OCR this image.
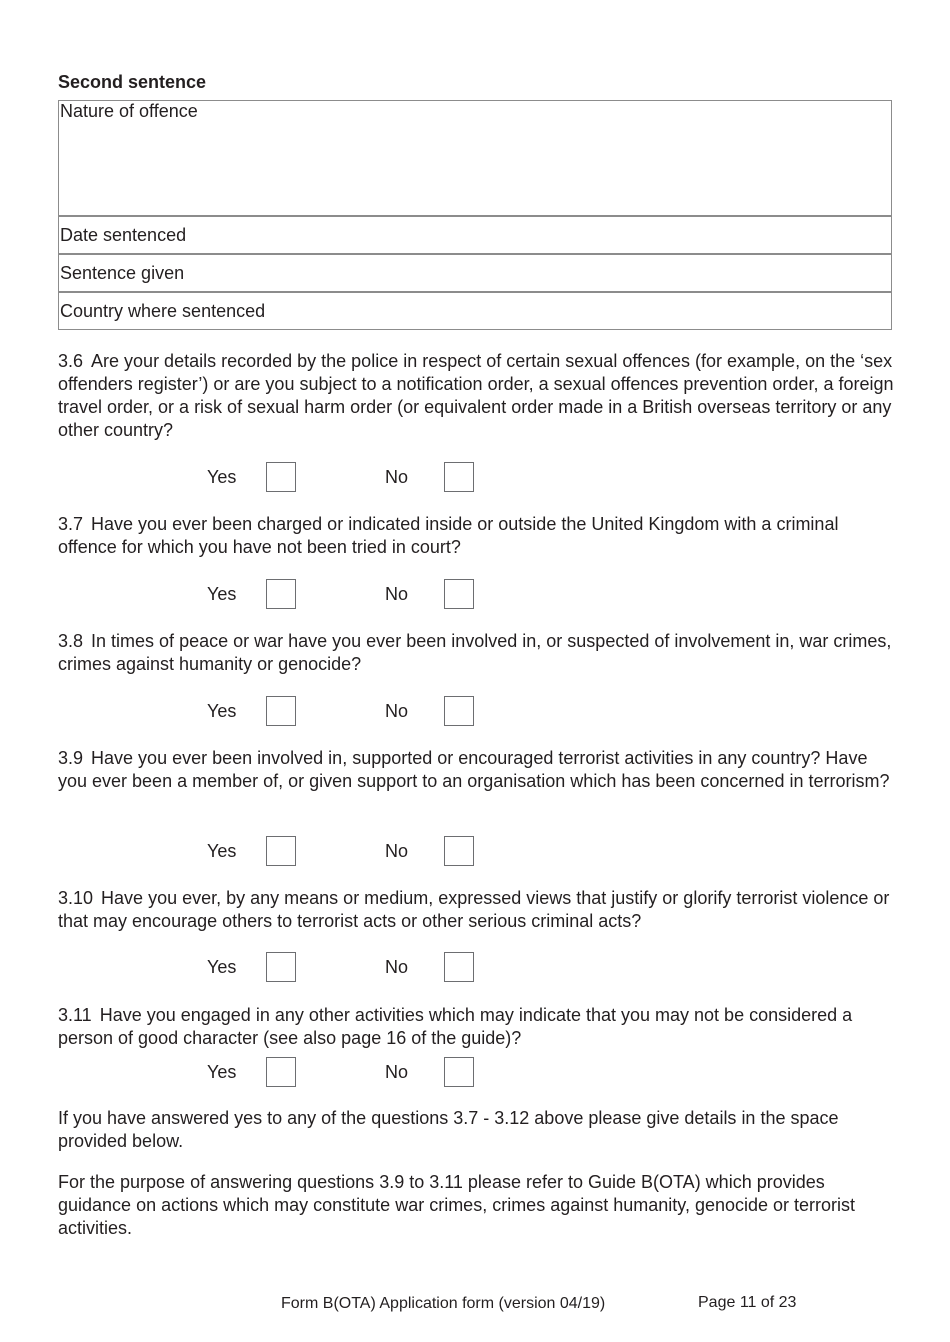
Second sentence
Nature of offence
Date sentenced
Sentence given
Country where sentenced
3.6 Are your details recorded by the police in respect of certain sexual offences (for example, on the ‘sex offenders register’) or are you subject to a notification order, a sexual offences prevention order, a foreign travel order, or a risk of sexual harm order (or equivalent order made in a British overseas territory or any other country?
Yes	No
3.7 Have you ever been charged or indicated inside or outside the United Kingdom with a criminal offence for which you have not been tried in court?
Yes	No
3.8 In times of peace or war have you ever been involved in, or suspected of involvement in, war crimes, crimes against humanity or genocide?
Yes	No
3.9 Have you ever been involved in, supported or encouraged terrorist activities in any country? Have you ever been a member of, or given support to an organisation which has been concerned in terrorism?
Yes	No
3.10 Have you ever, by any means or medium, expressed views that justify or glorify terrorist violence or that may encourage others to terrorist acts or other serious criminal acts?
Yes	No
3.11 Have you engaged in any other activities which may indicate that you may not be considered a person of good character (see also page 16 of the guide)?
Yes	No
If you have answered yes to any of the questions 3.7 - 3.12 above please give details in the space provided below.
For the purpose of answering questions 3.9 to 3.11 please refer to Guide B(OTA) which provides guidance on actions which may constitute war crimes, crimes against humanity, genocide or terrorist activities.
Form B(OTA) Application form (version 04/19)	Page 11 of 23
